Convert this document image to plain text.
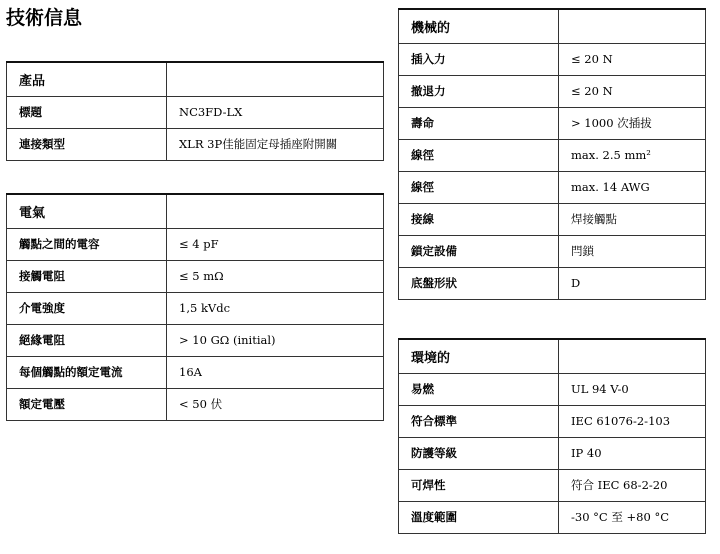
技術信息
產品	
標題	NC3FD-LX
連接類型	XLR 3P佳能固定母插座附開關
電氣	
觸點之間的電容	≤ 4 pF
接觸電阻	≤ 5 mΩ
介電強度	1,5 kVdc
絕緣電阻	> 10 GΩ (initial)
每個觸點的額定電流	16A
額定電壓	< 50 伏
機械的	
插入力	≤ 20 N
撤退力	≤ 20 N
壽命	> 1000 次插拔
線徑	max. 2.5 mm²
線徑	max. 14 AWG
接線	焊接觸點
鎖定設備	閂鎖
底盤形狀	D
環境的	
易燃	UL 94 V-0
符合標準	IEC 61076-2-103
防護等級	IP 40
可焊性	符合 IEC 68-2-20
溫度範圍	-30 °C 至 +80 °C
